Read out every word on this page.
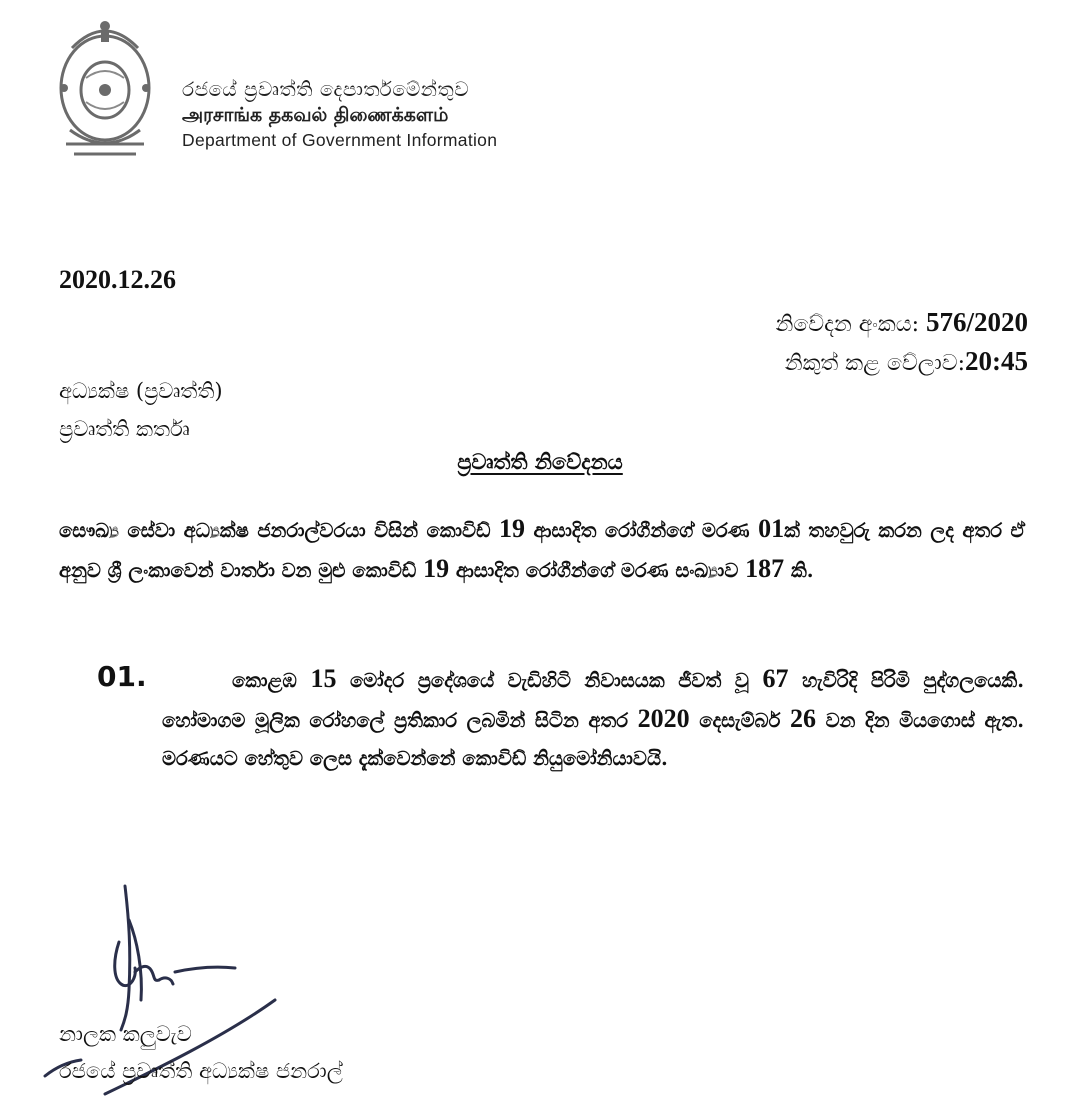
රජයේ ප්‍රවෘත්ති දෙපාර්තමේන්තුව
அரசாங்க தகவல் திணைக்களம்
Department of Government Information
2020.12.26
නිවේදන අංකය: 576/2020
නිකුත් කළ වේලාව:20:45
අධ්‍යක්ෂ (ප්‍රවෘත්ති)
ප්‍රවෘත්ති කර්තෘ
ප්‍රවෘත්ති නිවේදනය
සෞඛ්‍ය සේවා අධ්‍යක්ෂ ජනරාල්වරයා විසින් කොවිඩ් 19 ආසාදිත රෝගීන්ගේ මරණ 01ක් තහවුරු කරන ලද අතර ඒ අනුව ශ්‍රී ලංකාවෙන් වාර්තා වන මුළු කොවිඩ් 19 ආසාදිත රෝගීන්ගේ මරණ සංඛ්‍යාව 187 කි.
01.	කොළඹ 15 මෝදර ප්‍රදේශයේ වැඩිහිටි නිවාසයක ජීවත් වූ 67 හැවිරිදි පිරිමි පුද්ගලයෙකි. හෝමාගම මූලික රෝහලේ ප්‍රතිකාර ලබමින් සිටින අතර 2020 දෙසැම්බර් 26 වන දින මියගොස් ඇත. මරණයට හේතුව ලෙස දැක්වෙන්නේ කොවිඩ් නියුමෝනියාවයි.
නාලක කලුවැව
රජයේ ප්‍රවෘත්ති අධ්‍යක්ෂ ජනරාල්
